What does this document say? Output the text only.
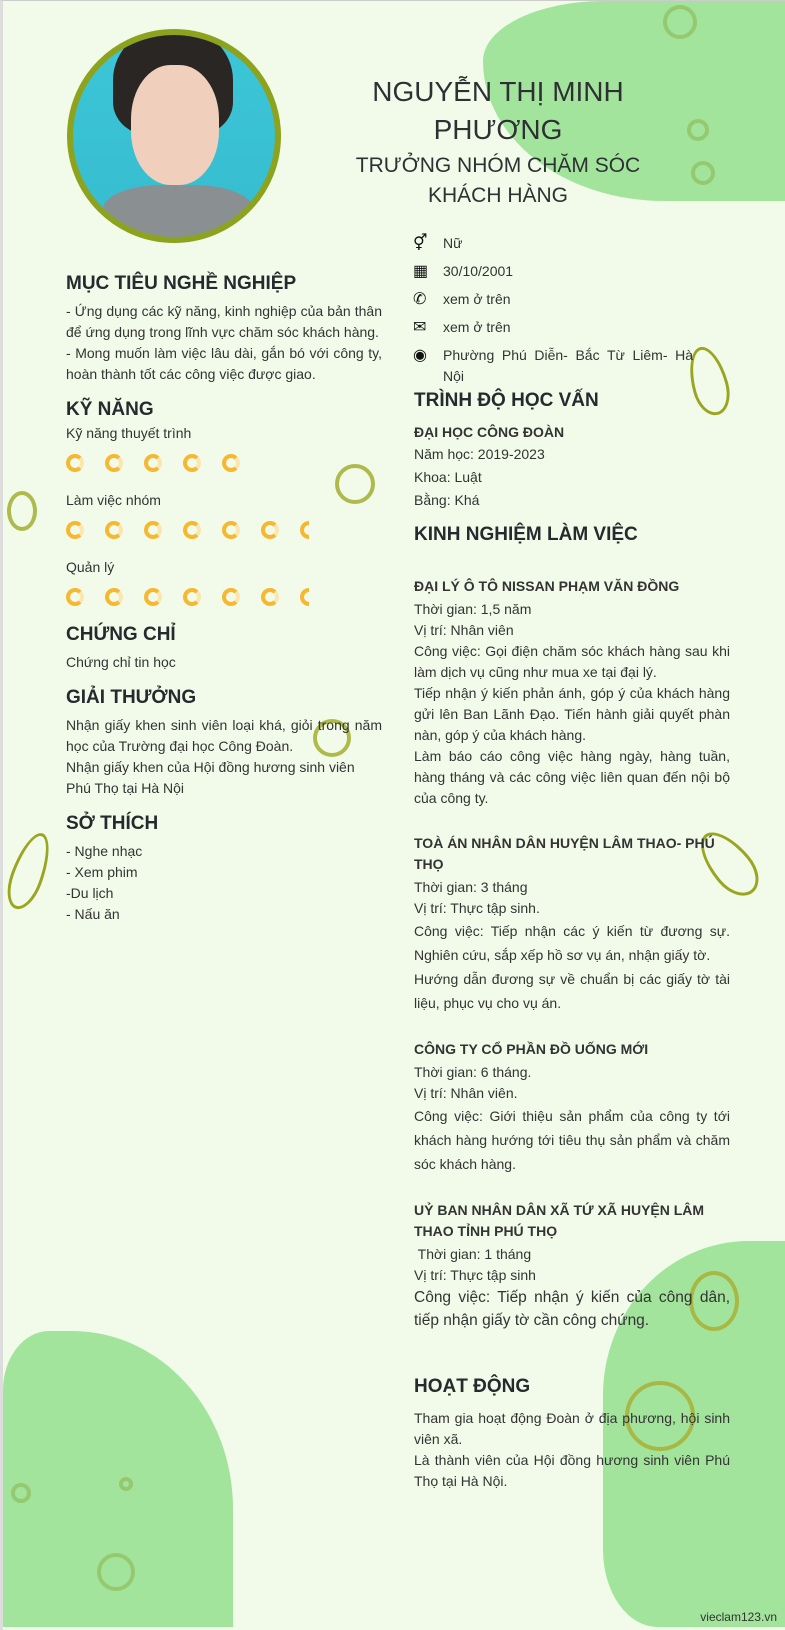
NGUYỄN THỊ MINH PHƯƠNG
TRƯỞNG NHÓM CHĂM SÓC KHÁCH HÀNG
⚥	Nữ
▦	30/10/2001
✆	xem ở trên
✉	xem ở trên
◉	Phường Phú Diễn- Bắc Từ Liêm- Hà Nội
MỤC TIÊU NGHỀ NGHIỆP
- Ứng dụng các kỹ năng, kinh nghiệp của bản thân để ứng dụng trong lĩnh vực chăm sóc khách hàng.
- Mong muốn làm việc lâu dài, gắn bó với công ty, hoàn thành tốt các công việc được giao.
KỸ NĂNG
Kỹ năng thuyết trình
Làm việc nhóm
Quản lý
CHỨNG CHỈ
Chứng chỉ tin học
GIẢI THƯỞNG
Nhận giấy khen sinh viên loại khá, giỏi trong năm học của Trường đại học Công Đoàn.
Nhận giấy khen của Hội đồng hương sinh viên Phú Thọ tại Hà Nội
SỞ THÍCH
- Nghe nhạc
- Xem phim
-Du lịch
- Nấu ăn
TRÌNH ĐỘ HỌC VẤN
ĐẠI HỌC CÔNG ĐOÀN
Năm học: 2019-2023
Khoa: Luật
Bằng: Khá
KINH NGHIỆM LÀM VIỆC
ĐẠI LÝ Ô TÔ NISSAN PHẠM VĂN ĐỒNG
Thời gian: 1,5 năm
Vị trí: Nhân viên
Công việc: Gọi điện chăm sóc khách hàng sau khi làm dịch vụ cũng như mua xe tại đại lý.
Tiếp nhận ý kiến phản ánh, góp ý của khách hàng gửi lên Ban Lãnh Đạo. Tiến hành giải quyết phàn nàn, góp ý của khách hàng.
Làm báo cáo công việc hàng ngày, hàng tuần, hàng tháng và các công việc liên quan đến nội bộ của công ty.
TOÀ ÁN NHÂN DÂN HUYỆN LÂM THAO- PHÚ THỌ
Thời gian: 3 tháng
Vị trí: Thực tập sinh.
Công việc: Tiếp nhận các ý kiến từ đương sự. Nghiên cứu, sắp xếp hồ sơ vụ án, nhận giấy tờ.
Hướng dẫn đương sự về chuẩn bị các giấy tờ tài liệu, phục vụ cho vụ án.
CÔNG TY CỔ PHẦN ĐỒ UỐNG MỚI
Thời gian: 6 tháng.
Vị trí: Nhân viên.
Công việc: Giới thiệu sản phẩm của công ty tới khách hàng hướng tới tiêu thụ sản phẩm và chăm sóc khách hàng.
UỶ BAN NHÂN DÂN XÃ TỨ XÃ HUYỆN LÂM THAO TỈNH PHÚ THỌ
Thời gian: 1 tháng
Vị trí: Thực tập sinh
Công việc: Tiếp nhận ý kiến của công dân, tiếp nhận giấy tờ cần công chứng.
HOẠT ĐỘNG
Tham gia hoạt động Đoàn ở địa phương, hội sinh viên xã.
Là thành viên của Hội đồng hương sinh viên Phú Thọ tại Hà Nội.
vieclam123.vn
